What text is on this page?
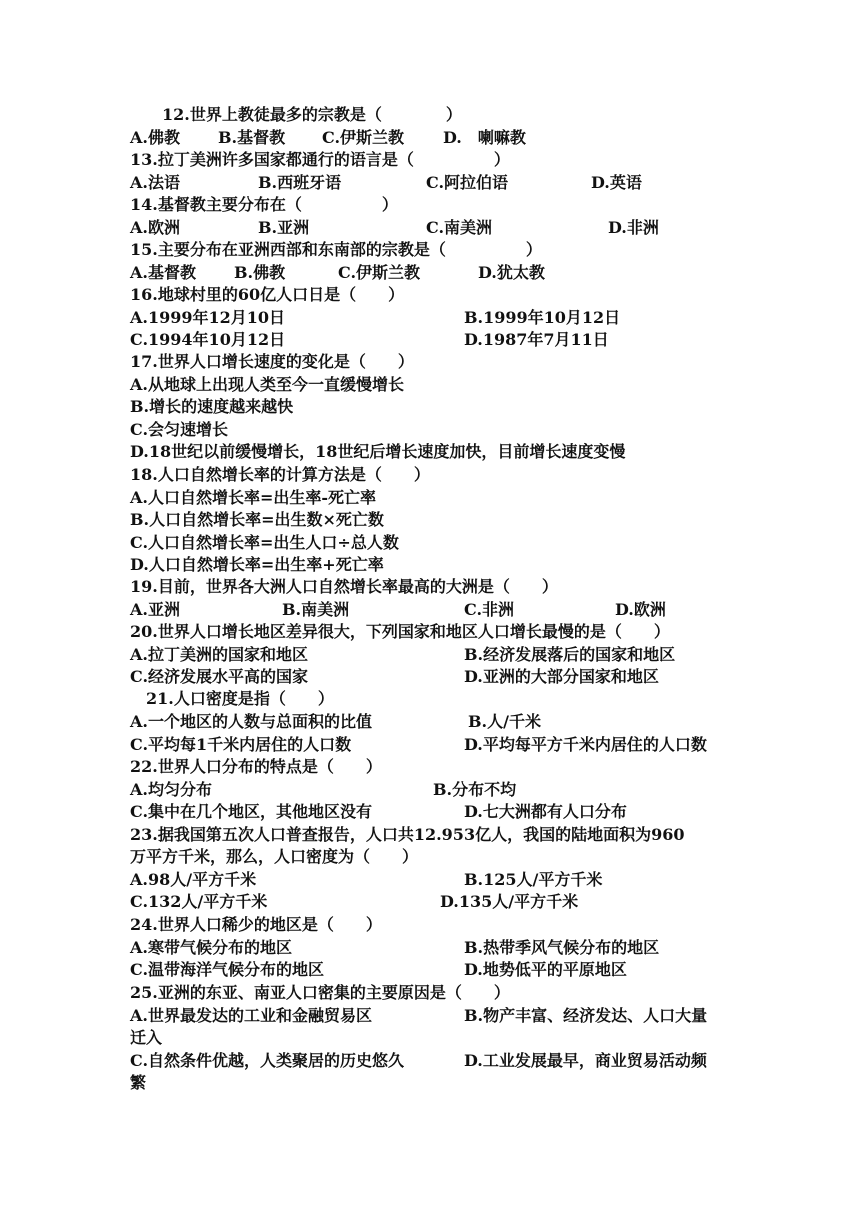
12.世界上教徒最多的宗教是（　　　　）
A.佛教 B.基督教 C.伊斯兰教 D.　喇嘛教
13.拉丁美洲许多国家都通行的语言是（　　　　　）
A.法语	B.西班牙语	C.阿拉伯语	D.英语
14.基督教主要分布在（　　　　　）
A.欧洲	B.亚洲	C.南美洲	D.非洲
15.主要分布在亚洲西部和东南部的宗教是（　　　　　）
A.基督教 B.佛教	C.伊斯兰教	D.犹太教
16.地球村里的60亿人口日是（　　）
A.1999年12月10日	B.1999年10月12日
C.1994年10月12日	D.1987年7月11日
17.世界人口增长速度的变化是（　　）
A.从地球上出现人类至今一直缓慢增长
B.增长的速度越来越快
C.会匀速增长
D.18世纪以前缓慢增长，18世纪后增长速度加快，目前增长速度变慢
18.人口自然增长率的计算方法是（　　）
A.人口自然增长率=出生率-死亡率
B.人口自然增长率=出生数×死亡数
C.人口自然增长率=出生人口÷总人数
D.人口自然增长率=出生率+死亡率
19.目前，世界各大洲人口自然增长率最高的大洲是（　　）
A.亚洲	B.南美洲	C.非洲	D.欧洲
20.世界人口增长地区差异很大，下列国家和地区人口增长最慢的是（　　）
A.拉丁美洲的国家和地区	B.经济发展落后的国家和地区
C.经济发展水平高的国家	D.亚洲的大部分国家和地区
21.人口密度是指（　　）
A.一个地区的人数与总面积的比值	B.人/千米
C.平均每1千米内居住的人口数	D.平均每平方千米内居住的人口数
22.世界人口分布的特点是（　　）
A.均匀分布	B.分布不均
C.集中在几个地区，其他地区没有	D.七大洲都有人口分布
23.据我国第五次人口普查报告，人口共12.953亿人，我国的陆地面积为960
万平方千米，那么，人口密度为（　　）
A.98人/平方千米	B.125人/平方千米
C.132人/平方千米	D.135人/平方千米
24.世界人口稀少的地区是（　　）
A.寒带气候分布的地区	B.热带季风气候分布的地区
C.温带海洋气候分布的地区	D.地势低平的平原地区
25.亚洲的东亚、南亚人口密集的主要原因是（　　）
A.世界最发达的工业和金融贸易区	B.物产丰富、经济发达、人口大量
迁入
C.自然条件优越，人类聚居的历史悠久	D.工业发展最早，商业贸易活动频
繁
